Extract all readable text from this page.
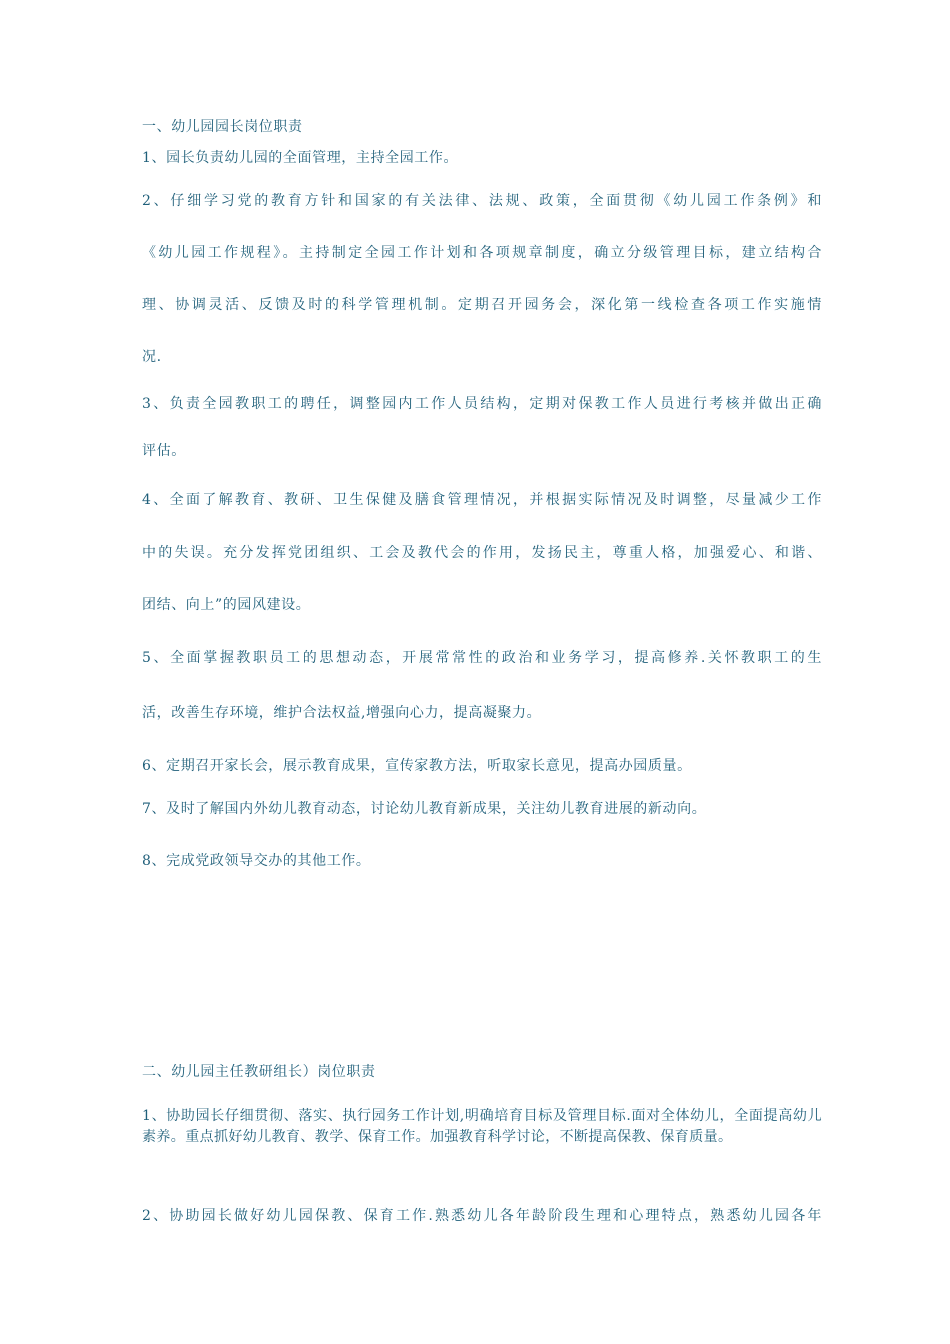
一、幼儿园园长岗位职责
1、园长负责幼儿园的全面管理，主持全园工作。
2、仔细学习党的教育方针和国家的有关法律、法规、政策，全面贯彻《幼儿园工作条例》和
《幼儿园工作规程》。主持制定全园工作计划和各项规章制度，确立分级管理目标，建立结构合
理、协调灵活、反馈及时的科学管理机制。定期召开园务会，深化第一线检查各项工作实施情
况.
3、负责全园教职工的聘任，调整园内工作人员结构，定期对保教工作人员进行考核并做出正确
评估。
4、全面了解教育、教研、卫生保健及膳食管理情况，并根据实际情况及时调整，尽量减少工作
中的失误。充分发挥党团组织、工会及教代会的作用，发扬民主，尊重人格，加强爱心、和谐、
团结、向上”的园风建设。
5、全面掌握教职员工的思想动态，开展常常性的政治和业务学习，提高修养.关怀教职工的生
活，改善生存环境，维护合法权益,增强向心力，提高凝聚力。
6、定期召开家长会，展示教育成果，宣传家教方法，听取家长意见，提高办园质量。
7、及时了解国内外幼儿教育动态，讨论幼儿教育新成果，关注幼儿教育进展的新动向。
8、完成党政领导交办的其他工作。
二、幼儿园主任教研组长）岗位职责
1、协助园长仔细贯彻、落实、执行园务工作计划,明确培育目标及管理目标.面对全体幼儿，全面提高幼儿素养。重点抓好幼儿教育、教学、保育工作。加强教育科学讨论，不断提高保教、保育质量。
2、协助园长做好幼儿园保教、保育工作.熟悉幼儿各年龄阶段生理和心理特点，熟悉幼儿园各年
